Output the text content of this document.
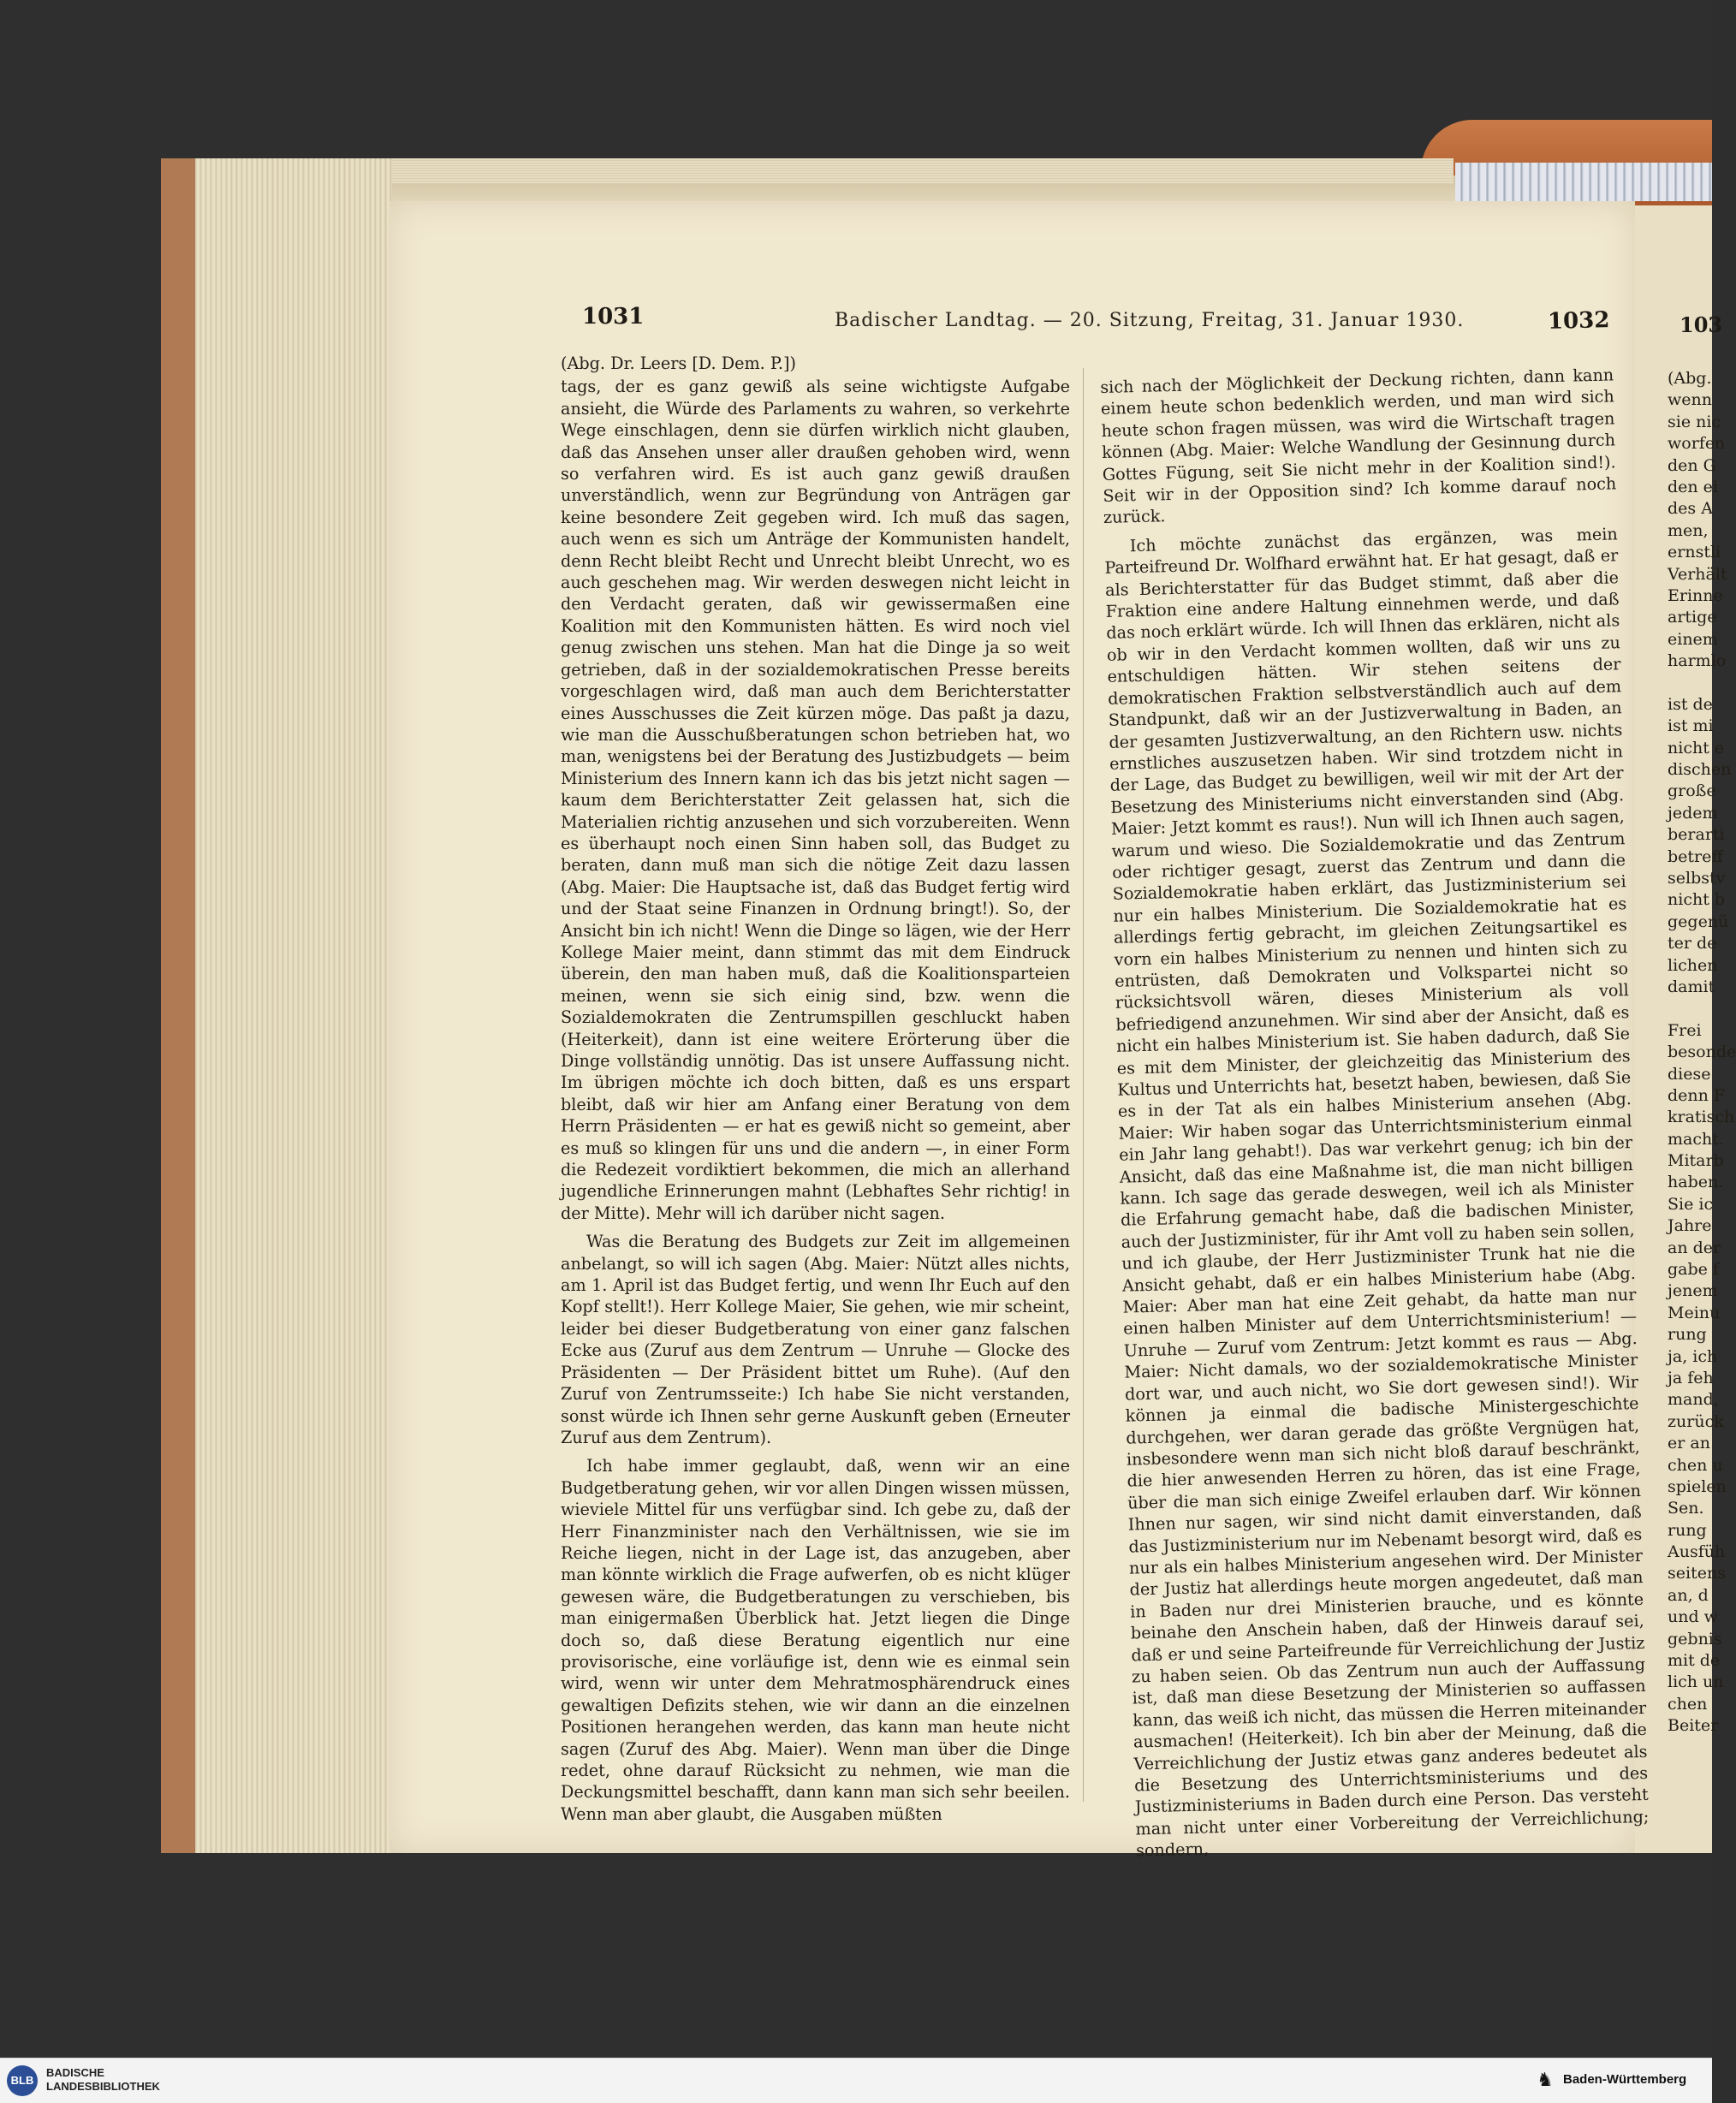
1031	Badischer Landtag. — 20. Sitzung, Freitag, 31. Januar 1930.	1032	103

(Abg. Dr. Leers [D. Dem. P.])

tags, der es ganz gewiß als seine wichtigste Aufgabe ansieht, die Würde des Parlaments zu wahren, so verkehrte Wege einschlagen, denn sie dürfen wirklich nicht glauben, daß das Ansehen unser aller draußen gehoben wird, wenn so verfahren wird. Es ist auch ganz gewiß draußen unverständlich, wenn zur Begründung von Anträgen gar keine besondere Zeit gegeben wird. Ich muß das sagen, auch wenn es sich um Anträge der Kommunisten handelt, denn Recht bleibt Recht und Unrecht bleibt Unrecht, wo es auch geschehen mag. Wir werden deswegen nicht leicht in den Verdacht geraten, daß wir gewissermaßen eine Koalition mit den Kommunisten hätten. Es wird noch viel genug zwischen uns stehen. Man hat die Dinge ja so weit getrieben, daß in der sozialdemokratischen Presse bereits vorgeschlagen wird, daß man auch dem Berichterstatter eines Ausschusses die Zeit kürzen möge. Das paßt ja dazu, wie man die Ausschußberatungen schon betrieben hat, wo man, wenigstens bei der Beratung des Justizbudgets — beim Ministerium des Innern kann ich das bis jetzt nicht sagen — kaum dem Berichterstatter Zeit gelassen hat, sich die Materialien richtig anzusehen und sich vorzubereiten. Wenn es überhaupt noch einen Sinn haben soll, das Budget zu beraten, dann muß man sich die nötige Zeit dazu lassen (Abg. Maier: Die Hauptsache ist, daß das Budget fertig wird und der Staat seine Finanzen in Ordnung bringt!). So, der Ansicht bin ich nicht! Wenn die Dinge so lägen, wie der Herr Kollege Maier meint, dann stimmt das mit dem Eindruck überein, den man haben muß, daß die Koalitionsparteien meinen, wenn sie sich einig sind, bzw. wenn die Sozialdemokraten die Zentrumspillen geschluckt haben (Heiterkeit), dann ist eine weitere Erörterung über die Dinge vollständig unnötig. Das ist unsere Auffassung nicht. Im übrigen möchte ich doch bitten, daß es uns erspart bleibt, daß wir hier am Anfang einer Beratung von dem Herrn Präsidenten — er hat es gewiß nicht so gemeint, aber es muß so klingen für uns und die andern —, in einer Form die Redezeit vordiktiert bekommen, die mich an allerhand jugendliche Erinnerungen mahnt (Lebhaftes Sehr richtig! in der Mitte). Mehr will ich darüber nicht sagen.

Was die Beratung des Budgets zur Zeit im allgemeinen anbelangt, so will ich sagen (Abg. Maier: Nützt alles nichts, am 1. April ist das Budget fertig, und wenn Ihr Euch auf den Kopf stellt!). Herr Kollege Maier, Sie gehen, wie mir scheint, leider bei dieser Budgetberatung von einer ganz falschen Ecke aus (Zuruf aus dem Zentrum — Unruhe — Glocke des Präsidenten — Der Präsident bittet um Ruhe). (Auf den Zuruf von Zentrumsseite:) Ich habe Sie nicht verstanden, sonst würde ich Ihnen sehr gerne Auskunft geben (Erneuter Zuruf aus dem Zentrum).

Ich habe immer geglaubt, daß, wenn wir an eine Budgetberatung gehen, wir vor allen Dingen wissen müssen, wieviele Mittel für uns verfügbar sind. Ich gebe zu, daß der Herr Finanzminister nach den Verhältnissen, wie sie im Reiche liegen, nicht in der Lage ist, das anzugeben, aber man könnte wirklich die Frage aufwerfen, ob es nicht klüger gewesen wäre, die Budgetberatungen zu verschieben, bis man einigermaßen Überblick hat. Jetzt liegen die Dinge doch so, daß diese Beratung eigentlich nur eine provisorische, eine vorläufige ist, denn wie es einmal sein wird, wenn wir unter dem Mehratmosphärendruck eines gewaltigen Defizits stehen, wie wir dann an die einzelnen Positionen herangehen werden, das kann man heute nicht sagen (Zuruf des Abg. Maier). Wenn man über die Dinge redet, ohne darauf Rücksicht zu nehmen, wie man die Deckungsmittel beschafft, dann kann man sich sehr beeilen. Wenn man aber glaubt, die Ausgaben müßten

sich nach der Möglichkeit der Deckung richten, dann kann einem heute schon bedenklich werden, und man wird sich heute schon fragen müssen, was wird die Wirtschaft tragen können (Abg. Maier: Welche Wandlung der Gesinnung durch Gottes Fügung, seit Sie nicht mehr in der Koalition sind!). Seit wir in der Opposition sind? Ich komme darauf noch zurück.

Ich möchte zunächst das ergänzen, was mein Parteifreund Dr. Wolfhard erwähnt hat. Er hat gesagt, daß er als Berichterstatter für das Budget stimmt, daß aber die Fraktion eine andere Haltung einnehmen werde, und daß das noch erklärt würde. Ich will Ihnen das erklären, nicht als ob wir in den Verdacht kommen wollten, daß wir uns zu entschuldigen hätten. Wir stehen seitens der demokratischen Fraktion selbstverständlich auch auf dem Standpunkt, daß wir an der Justizverwaltung in Baden, an der gesamten Justizverwaltung, an den Richtern usw. nichts ernstliches auszusetzen haben. Wir sind trotzdem nicht in der Lage, das Budget zu bewilligen, weil wir mit der Art der Besetzung des Ministeriums nicht einverstanden sind (Abg. Maier: Jetzt kommt es raus!). Nun will ich Ihnen auch sagen, warum und wieso. Die Sozialdemokratie und das Zentrum oder richtiger gesagt, zuerst das Zentrum und dann die Sozialdemokratie haben erklärt, das Justizministerium sei nur ein halbes Ministerium. Die Sozialdemokratie hat es allerdings fertig gebracht, im gleichen Zeitungsartikel es vorn ein halbes Ministerium zu nennen und hinten sich zu entrüsten, daß Demokraten und Volkspartei nicht so rücksichtsvoll wären, dieses Ministerium als voll befriedigend anzunehmen. Wir sind aber der Ansicht, daß es nicht ein halbes Ministerium ist. Sie haben dadurch, daß Sie es mit dem Minister, der gleichzeitig das Ministerium des Kultus und Unterrichts hat, besetzt haben, bewiesen, daß Sie es in der Tat als ein halbes Ministerium ansehen (Abg. Maier: Wir haben sogar das Unterrichtsministerium einmal ein Jahr lang gehabt!). Das war verkehrt genug; ich bin der Ansicht, daß das eine Maßnahme ist, die man nicht billigen kann. Ich sage das gerade deswegen, weil ich als Minister die Erfahrung gemacht habe, daß die badischen Minister, auch der Justizminister, für ihr Amt voll zu haben sein sollen, und ich glaube, der Herr Justizminister Trunk hat nie die Ansicht gehabt, daß er ein halbes Ministerium habe (Abg. Maier: Aber man hat eine Zeit gehabt, da hatte man nur einen halben Minister auf dem Unterrichtsministerium! — Unruhe — Zuruf vom Zentrum: Jetzt kommt es raus — Abg. Maier: Nicht damals, wo der sozialdemokratische Minister dort war, und auch nicht, wo Sie dort gewesen sind!). Wir können ja einmal die badische Ministergeschichte durchgehen, wer daran gerade das größte Vergnügen hat, insbesondere wenn man sich nicht bloß darauf beschränkt, die hier anwesenden Herren zu hören, das ist eine Frage, über die man sich einige Zweifel erlauben darf. Wir können Ihnen nur sagen, wir sind nicht damit einverstanden, daß das Justizministerium nur im Nebenamt besorgt wird, daß es nur als ein halbes Ministerium angesehen wird. Der Minister der Justiz hat allerdings heute morgen angedeutet, daß man in Baden nur drei Ministerien brauche, und es könnte beinahe den Anschein haben, daß der Hinweis darauf sei, daß er und seine Parteifreunde für Verreichlichung der Justiz zu haben seien. Ob das Zentrum nun auch der Auffassung ist, daß man diese Besetzung der Ministerien so auffassen kann, das weiß ich nicht, das müssen die Herren miteinander ausmachen! (Heiterkeit). Ich bin aber der Meinung, daß die Verreichlichung der Justiz etwas ganz anderes bedeutet als die Besetzung des Unterrichtsministeriums und des Justizministeriums in Baden durch eine Person. Das versteht man nicht unter einer Vorbereitung der Verreichlichung; sondern,

(Abg.
wenn
sie nic
worfen
den G
den ei
des A
men,
ernstli
Verhält
Erinne
artige
einem
harmlo
ist de
ist mi
nicht e
dischen
große
jedem
berarti
betreff
selbstv
nicht b
gegenü
ter de
lichen
damit
Frei
besonde
diese
denn F
kratisch
macht.
Mitarb
haben.
Sie ic
Jahre
an der
gabe f
jenem
Meinu
rung
ja, ich
ja feh
mand,
zurück
er an
chen u
spielen
Sen.
rung
Ausfüh
seitens
an, d
und w
gebnis
mit de
lich un
chen
Beiter
BLB
BADISCHE
LANDESBIBLIOTHEK	♞ Baden-Württemberg
